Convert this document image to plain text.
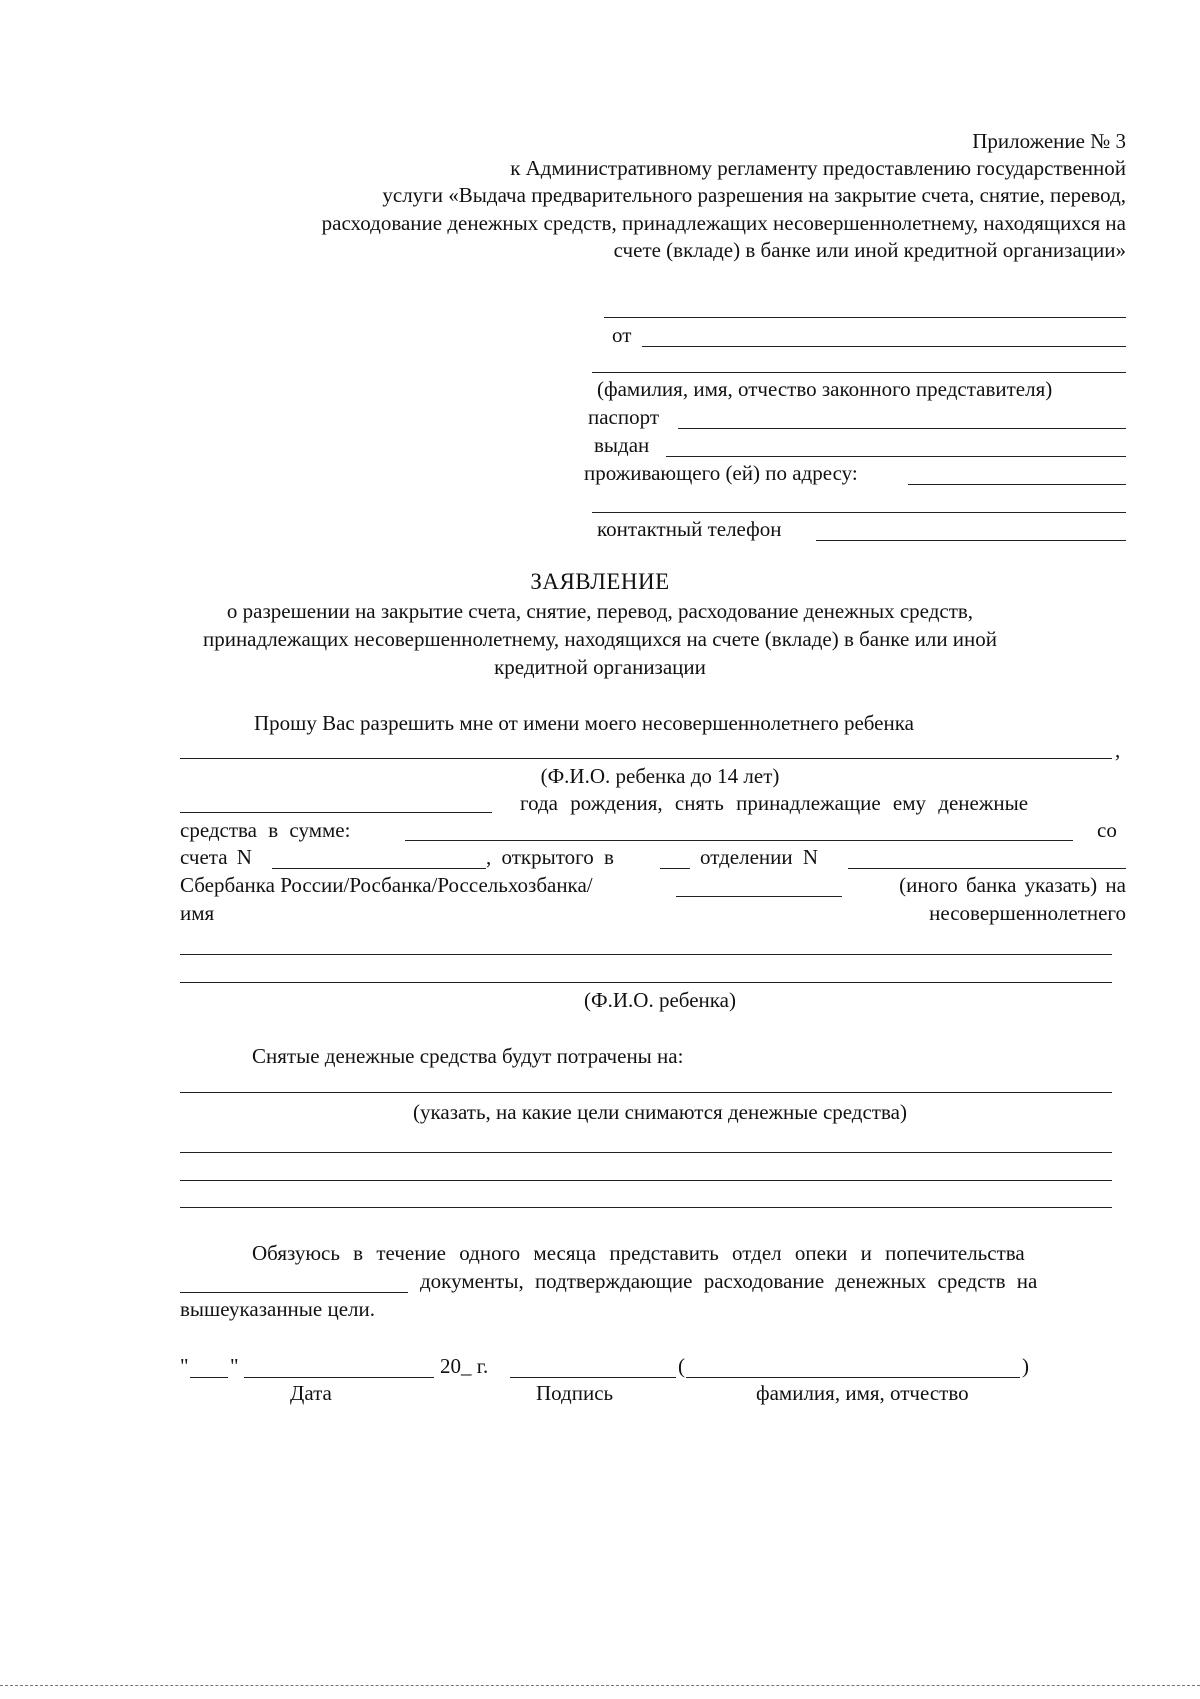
Приложение № 3
к Административному регламенту предоставлению государственной
услуги «Выдача предварительного разрешения на закрытие счета, снятие, перевод,
расходование денежных средств, принадлежащих несовершеннолетнему, находящихся на
счете (вкладе) в банке или иной кредитной организации»
от
(фамилия, имя, отчество законного представителя)
паспорт
выдан
проживающего (ей) по адресу:
контактный телефон
ЗАЯВЛЕНИЕ
о разрешении на закрытие счета, снятие, перевод, расходование денежных средств,
принадлежащих несовершеннолетнему, находящихся на счете (вкладе) в банке или иной
кредитной организации
Прошу Вас разрешить мне от имени моего несовершеннолетнего ребенка
,
(Ф.И.О. ребенка до 14 лет)
года рождения, снять принадлежащие ему денежные
средства в сумме:	со
счета N	, открытого в	отделении N
Сбербанка России/Росбанка/Россельхозбанка/	(иного банка указать) на
имя	несовершеннолетнего
(Ф.И.О. ребенка)
Снятые денежные средства будут потрачены на:
(указать, на какие цели снимаются денежные средства)
Обязуюсь в течение одного месяца представить отдел опеки и попечительства
документы, подтверждающие расходование денежных средств на
вышеуказанные цели.
" "	20_ г.	(	)
Дата	Подпись	фамилия, имя, отчество
